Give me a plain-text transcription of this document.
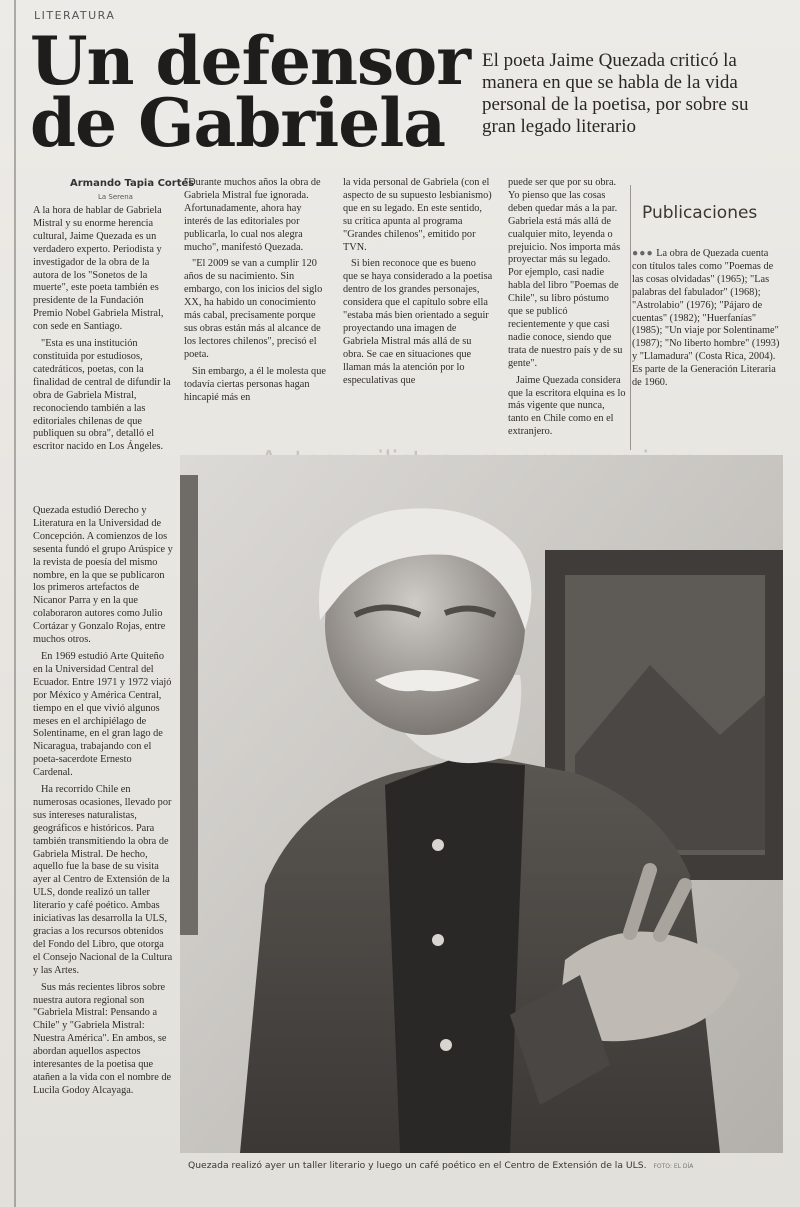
LITERATURA
Un defensor
de Gabriela
El poeta Jaime Quezada criticó la manera en que se habla de la vida personal de la poetisa, por sobre su gran legado literario
Armando Tapia Cortés
La Serena

A la hora de hablar de Gabriela Mistral y su enorme herencia cultural, Jaime Quezada es un verdadero experto. Periodista y investigador de la obra de la autora de los "Sonetos de la muerte", este poeta también es presidente de la Fundación Premio Nobel Gabriela Mistral, con sede en Santiago.

"Esta es una institución constituida por estudiosos, catedráticos, poetas, con la finalidad de central de difundir la obra de Gabriela Mistral, reconociendo también a las editoriales chilenas de que publiquen su obra", detalló el escritor nacido en Los Ángeles.

Quezada estudió Derecho y Literatura en la Universidad de Concepción. A comienzos de los sesenta fundó el grupo Arúspice y la revista de poesía del mismo nombre, en la que se publicaron los primeros artefactos de Nicanor Parra y en la que colaboraron autores como Julio Cortázar y Gonzalo Rojas, entre muchos otros.

En 1969 estudió Arte Quiteño en la Universidad Central del Ecuador. Entre 1971 y 1972 viajó por México y América Central, tiempo en el que vivió algunos meses en el archipiélago de Solentiname, en el gran lago de Nicaragua, trabajando con el poeta-sacerdote Ernesto Cardenal.

Ha recorrido Chile en numerosas ocasiones, llevado por sus intereses naturalistas, geográficos e históricos. Para también transmitiendo la obra de Gabriela Mistral. De hecho, aquello fue la base de su visita ayer al Centro de Extensión de la ULS, donde realizó un taller literario y café poético. Ambas iniciativas las desarrolla la ULS, gracias a los recursos obtenidos del Fondo del Libro, que otorga el Consejo Nacional de la Cultura y las Artes.

Sus más recientes libros sobre nuestra autora regional son "Gabriela Mistral: Pensando a Chile" y "Gabriela Mistral: Nuestra América". En ambos, se abordan aquellos aspectos interesantes de la poetisa que atañen a la vida con el nombre de Lucila Godoy Alcayaga.

"Durante muchos años la obra de Gabriela Mistral fue ignorada. Afortunadamente, ahora hay interés de las editoriales por publicarla, lo cual nos alegra mucho", manifestó Quezada.

"El 2009 se van a cumplir 120 años de su nacimiento. Sin embargo, con los inicios del siglo XX, ha habido un conocimiento más cabal, precisamente porque sus obras están más al alcance de los lectores chilenos", precisó el poeta.

Sin embargo, a él le molesta que todavía ciertas personas hagan hincapié más en

la vida personal de Gabriela (con el aspecto de su supuesto lesbianismo) que en su legado. En este sentido, su crítica apunta al programa "Grandes chilenos", emitido por TVN.

Si bien reconoce que es bueno que se haya considerado a la poetisa dentro de los grandes personajes, considera que el capítulo sobre ella "estaba más bien orientado a seguir proyectando una imagen de Gabriela Mistral más allá de su obra. Se cae en situaciones que llaman más la atención por lo especulativas que

puede ser que por su obra. Yo pienso que las cosas deben quedar más a la par. Gabriela está más allá de cualquier mito, leyenda o prejuicio. Nos importa más proyectar más su legado. Por ejemplo, casi nadie habla del libro "Poemas de Chile", su libro póstumo que se publicó recientemente y que casi nadie conoce, siendo que trata de nuestro país y de su gente".

Jaime Quezada considera que la escritora elquina es lo más vigente que nunca, tanto en Chile como en el extranjero.

Publicaciones
●●● La obra de Quezada cuenta con títulos tales como "Poemas de las cosas olvidadas" (1965); "Las palabras del fabulador" (1968); "Astrolabio" (1976); "Pájaro de cuentas" (1982); "Huerfanías" (1985); "Un viaje por Solentiname" (1987); "No liberto hombre" (1993) y "Llamadura" (Costa Rica, 2004). Es parte de la Generación Literaria de 1960.
Quezada realizó ayer un taller literario y luego un café poético en el Centro de Extensión de la ULS. FOTO: EL DÍA
